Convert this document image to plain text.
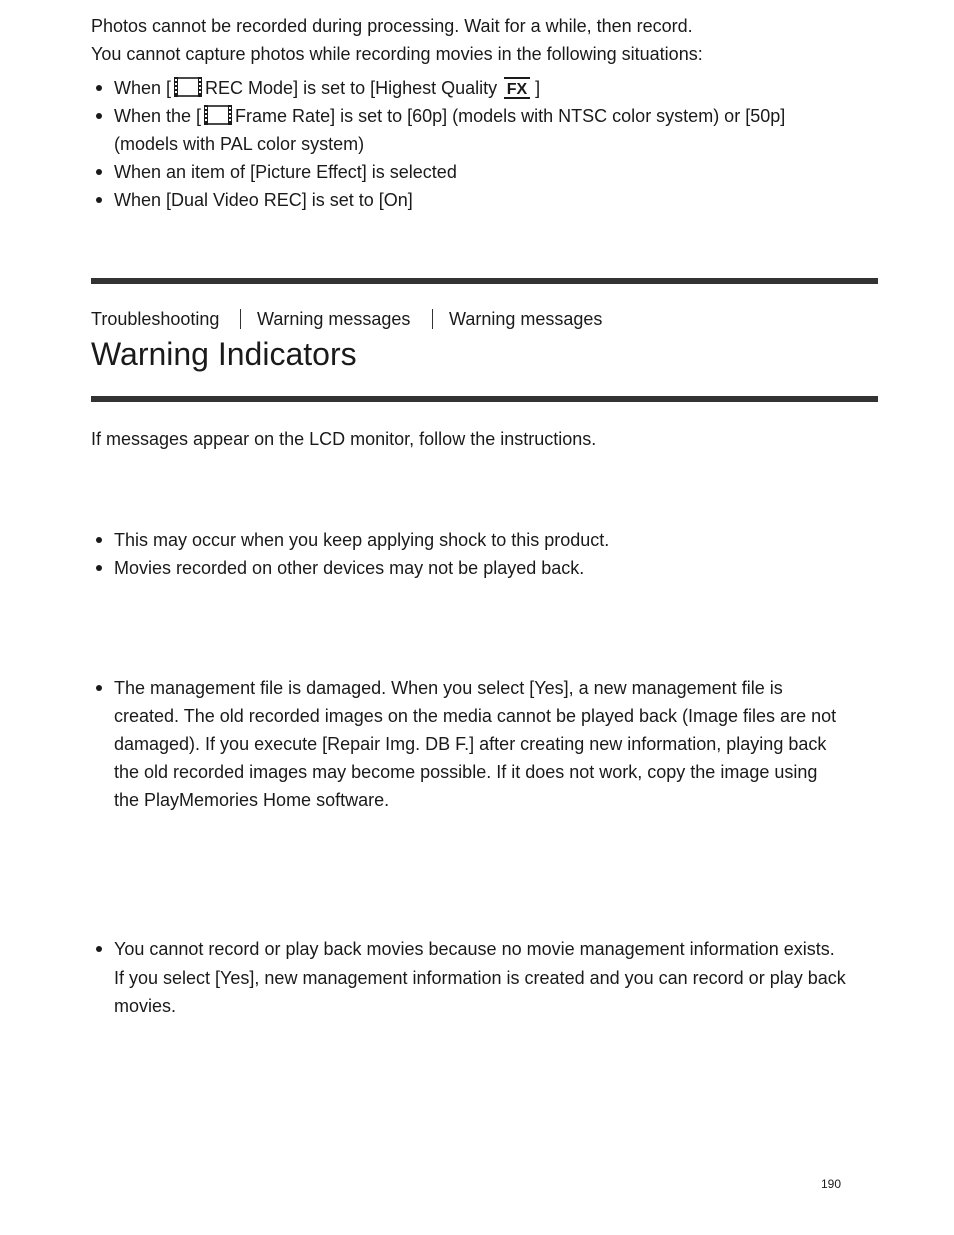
Photos cannot be recorded during processing. Wait for a while, then record.
You cannot capture photos while recording movies in the following situations:
When [ REC Mode] is set to [Highest Quality FX ]
When the [ Frame Rate] is set to [60p] (models with NTSC color system) or [50p]
(models with PAL color system)
When an item of [Picture Effect] is selected
When [Dual Video REC] is set to [On]
Troubleshooting Warning messages Warning messages
Warning Indicators
If messages appear on the LCD monitor, follow the instructions.
This may occur when you keep applying shock to this product.
Movies recorded on other devices may not be played back.
The management file is damaged. When you select [Yes], a new management file is
created. The old recorded images on the media cannot be played back (Image files are not
damaged). If you execute [Repair Img. DB F.] after creating new information, playing back
the old recorded images may become possible. If it does not work, copy the image using
the PlayMemories Home software.
You cannot record or play back movies because no movie management information exists.
If you select [Yes], new management information is created and you can record or play back
movies.
190
